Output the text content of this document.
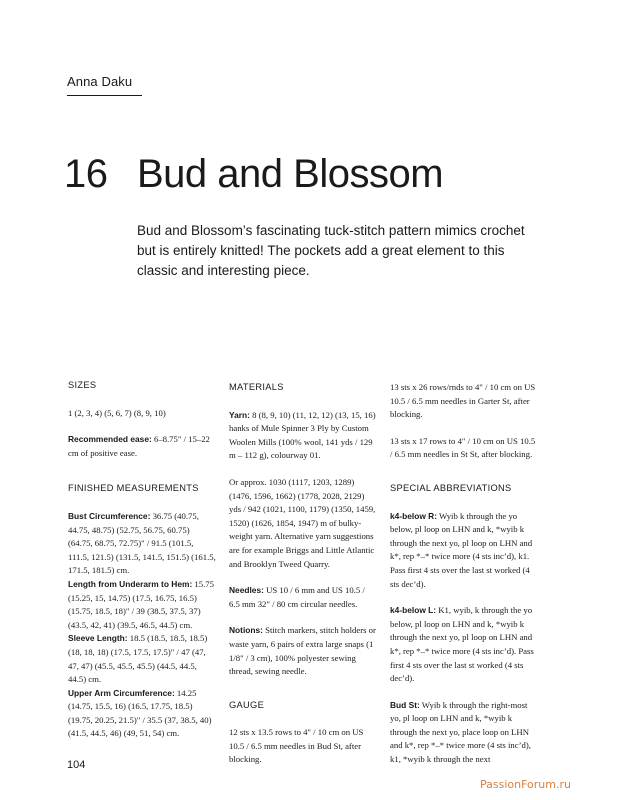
Anna Daku
16 Bud and Blossom

Bud and Blossom’s fascinating tuck-stitch pattern mimics crochet but is entirely knitted! The pockets add a great element to this classic and interesting piece.

SIZES

1 (2, 3, 4) (5, 6, 7) (8, 9, 10)

Recommended ease: 6–8.75" / 15–22 cm of positive ease.

FINISHED MEASUREMENTS

Bust Circumference: 36.75 (40.75, 44.75, 48.75) (52.75, 56.75, 60.75) (64.75, 68.75, 72.75)" / 91.5 (101.5, 111.5, 121.5) (131.5, 141.5, 151.5) (161.5, 171.5, 181.5) cm.

Length from Underarm to Hem: 15.75 (15.25, 15, 14.75) (17.5, 16.75, 16.5) (15.75, 18.5, 18)" / 39 (38.5, 37.5, 37) (43.5, 42, 41) (39.5, 46.5, 44.5) cm.

Sleeve Length: 18.5 (18.5, 18.5, 18.5) (18, 18, 18) (17.5, 17.5, 17.5)" / 47 (47, 47, 47) (45.5, 45.5, 45.5) (44.5, 44.5, 44.5) cm.

Upper Arm Circumference: 14.25 (14.75, 15.5, 16) (16.5, 17.75, 18.5) (19.75, 20.25, 21.5)" / 35.5 (37, 38.5, 40) (41.5, 44.5, 46) (49, 51, 54) cm.

MATERIALS

Yarn: 8 (8, 9, 10) (11, 12, 12) (13, 15, 16) hanks of Mule Spinner 3 Ply by Custom Woolen Mills (100% wool, 141 yds / 129 m – 112 g), colourway 01.

Or approx. 1030 (1117, 1203, 1289) (1476, 1596, 1662) (1778, 2028, 2129) yds / 942 (1021, 1100, 1179) (1350, 1459, 1520) (1626, 1854, 1947) m of bulky-weight yarn. Alternative yarn suggestions are for example Briggs and Little Atlantic and Brooklyn Tweed Quarry.

Needles: US 10 / 6 mm and US 10.5 / 6.5 mm 32" / 80 cm circular needles.

Notions: Stitch markers, stitch holders or waste yarn, 6 pairs of extra large snaps (1 1/8" / 3 cm), 100% polyester sewing thread, sewing needle.

GAUGE

12 sts x 13.5 rows to 4" / 10 cm on US 10.5 / 6.5 mm needles in Bud St, after blocking.

13 sts x 26 rows/rnds to 4" / 10 cm on US 10.5 / 6.5 mm needles in Garter St, after blocking.

13 sts x 17 rows to 4" / 10 cm on US 10.5 / 6.5 mm needles in St St, after blocking.

SPECIAL ABBREVIATIONS

k4-below R: Wyib k through the yo below, pl loop on LHN and k, *wyib k through the next yo, pl loop on LHN and k*, rep *–* twice more (4 sts inc’d), k1. Pass first 4 sts over the last st worked (4 sts dec’d).

k4-below L: K1, wyib, k through the yo below, pl loop on LHN and k, *wyib k through the next yo, pl loop on LHN and k*, rep *–* twice more (4 sts inc’d). Pass first 4 sts over the last st worked (4 sts dec’d).

Bud St: Wyib k through the right-most yo, pl loop on LHN and k, *wyib k through the next yo, place loop on LHN and k*, rep *–* twice more (4 sts inc’d), k1, *wyib k through the next

104
PassionForum.ru
